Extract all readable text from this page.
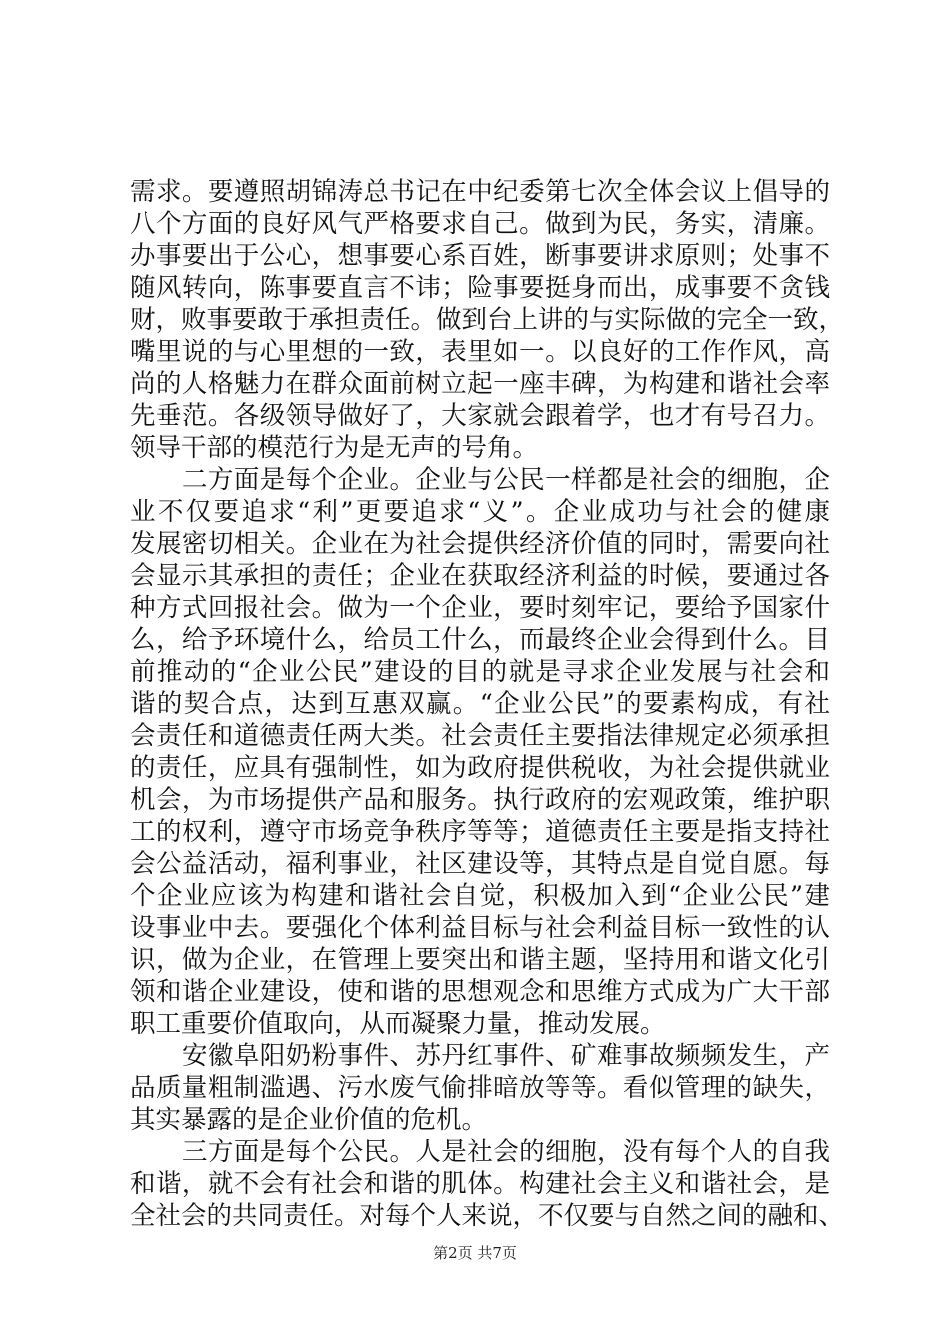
需求。要遵照胡锦涛总书记在中纪委第七次全体会议上倡导的
八个方面的良好风气严格要求自己。做到为民，务实，清廉。
办事要出于公心，想事要心系百姓，断事要讲求原则；处事不
随风转向，陈事要直言不讳；险事要挺身而出，成事要不贪钱
财，败事要敢于承担责任。做到台上讲的与实际做的完全一致，
嘴里说的与心里想的一致，表里如一。以良好的工作作风，高
尚的人格魅力在群众面前树立起一座丰碑，为构建和谐社会率
先垂范。各级领导做好了，大家就会跟着学，也才有号召力。
领导干部的模范行为是无声的号角。
二方面是每个企业。企业与公民一样都是社会的细胞，企
业不仅要追求“利”更要追求“义”。企业成功与社会的健康
发展密切相关。企业在为社会提供经济价值的同时，需要向社
会显示其承担的责任；企业在获取经济利益的时候，要通过各
种方式回报社会。做为一个企业，要时刻牢记，要给予国家什
么，给予环境什么，给员工什么，而最终企业会得到什么。目
前推动的“企业公民”建设的目的就是寻求企业发展与社会和
谐的契合点，达到互惠双赢。“企业公民”的要素构成，有社
会责任和道德责任两大类。社会责任主要指法律规定必须承担
的责任，应具有强制性，如为政府提供税收，为社会提供就业
机会，为市场提供产品和服务。执行政府的宏观政策，维护职
工的权利，遵守市场竞争秩序等等；道德责任主要是指支持社
会公益活动，福利事业，社区建设等，其特点是自觉自愿。每
个企业应该为构建和谐社会自觉，积极加入到“企业公民”建
设事业中去。要强化个体利益目标与社会利益目标一致性的认
识，做为企业，在管理上要突出和谐主题，坚持用和谐文化引
领和谐企业建设，使和谐的思想观念和思维方式成为广大干部
职工重要价值取向，从而凝聚力量，推动发展。
安徽阜阳奶粉事件、苏丹红事件、矿难事故频频发生，产
品质量粗制滥遇、污水废气偷排暗放等等。看似管理的缺失，
其实暴露的是企业价值的危机。
三方面是每个公民。人是社会的细胞，没有每个人的自我
和谐，就不会有社会和谐的肌体。构建社会主义和谐社会，是
全社会的共同责任。对每个人来说，不仅要与自然之间的融和、
第2页 共7页
